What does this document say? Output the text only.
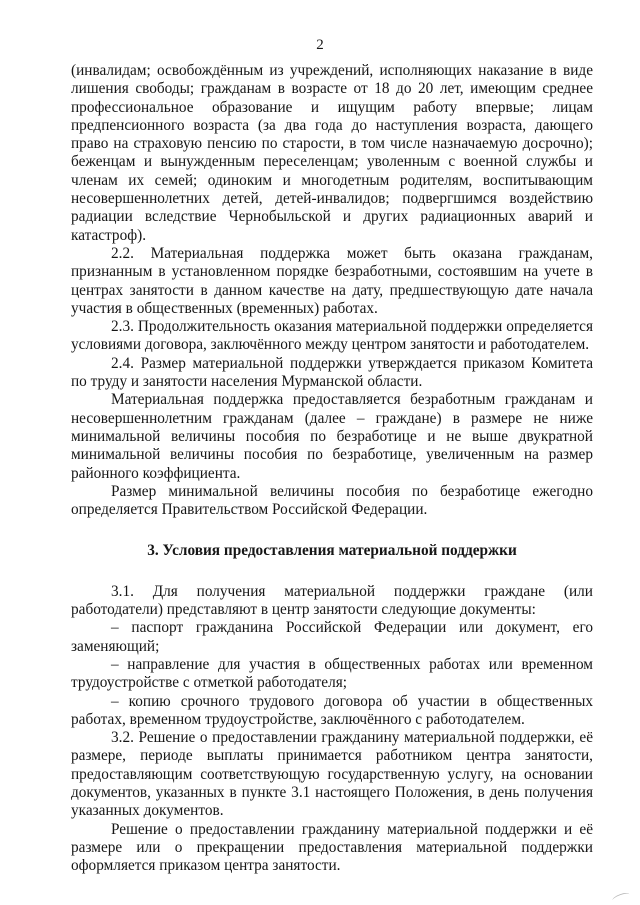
2

(инвалидам; освобождённым из учреждений, исполняющих наказание в виде лишения свободы; гражданам в возрасте от 18 до 20 лет, имеющим среднее профессиональное образование и ищущим работу впервые; лицам предпенсионного возраста (за два года до наступления возраста, дающего право на страховую пенсию по старости, в том числе назначаемую досрочно); беженцам и вынужденным переселенцам; уволенным с военной службы и членам их семей; одиноким и многодетным родителям, воспитывающим несовершеннолетних детей, детей-инвалидов; подвергшимся воздействию радиации вследствие Чернобыльской и других радиационных аварий и катастроф).

2.2. Материальная поддержка может быть оказана гражданам, признанным в установленном порядке безработными, состоявшим на учете в центрах занятости в данном качестве на дату, предшествующую дате начала участия в общественных (временных) работах.

2.3. Продолжительность оказания материальной поддержки определяется условиями договора, заключённого между центром занятости и работодателем.

2.4. Размер материальной поддержки утверждается приказом Комитета по труду и занятости населения Мурманской области.

Материальная поддержка предоставляется безработным гражданам и несовершеннолетним гражданам (далее – граждане) в размере не ниже минимальной величины пособия по безработице и не выше двукратной минимальной величины пособия по безработице, увеличенным на размер районного коэффициента.

Размер минимальной величины пособия по безработице ежегодно определяется Правительством Российской Федерации.

3. Условия предоставления материальной поддержки

3.1. Для получения материальной поддержки граждане (или работодатели) представляют в центр занятости следующие документы:

– паспорт гражданина Российской Федерации или документ, его заменяющий;

– направление для участия в общественных работах или временном трудоустройстве с отметкой работодателя;

– копию срочного трудового договора об участии в общественных работах, временном трудоустройстве, заключённого с работодателем.

3.2. Решение о предоставлении гражданину материальной поддержки, её размере, периоде выплаты принимается работником центра занятости, предоставляющим соответствующую государственную услугу, на основании документов, указанных в пункте 3.1 настоящего Положения, в день получения указанных документов.

Решение о предоставлении гражданину материальной поддержки и её размере или о прекращении предоставления материальной поддержки оформляется приказом центра занятости.
